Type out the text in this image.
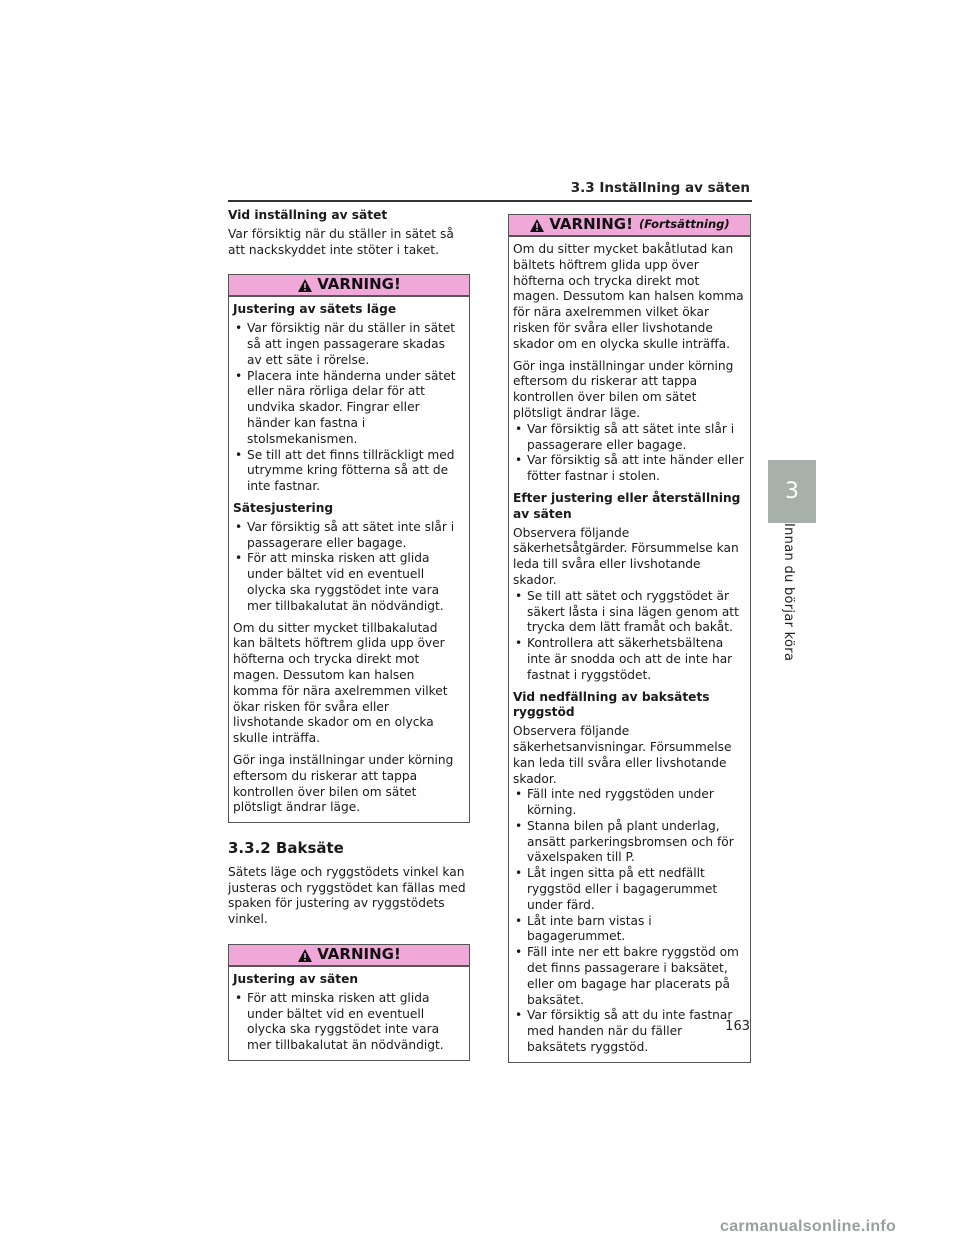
3.3 Inställning av säten
3
Innan du börjar köra

Vid inställning av sätet

Var försiktig när du ställer in sätet så att nackskyddet inte stöter i taket.

VARNING!

Justering av sätets läge

• Var försiktig när du ställer in sätet så att ingen passagerare skadas av ett säte i rörelse.
• Placera inte händerna under sätet eller nära rörliga delar för att undvika skador. Fingrar eller händer kan fastna i stolsmekanismen.
• Se till att det finns tillräckligt med utrymme kring fötterna så att de inte fastnar.

Sätesjustering

• Var försiktig så att sätet inte slår i passagerare eller bagage.
• För att minska risken att glida under bältet vid en eventuell olycka ska ryggstödet inte vara mer tillbakalutat än nödvändigt.

Om du sitter mycket tillbakalutad kan bältets höftrem glida upp över höfterna och trycka direkt mot magen. Dessutom kan halsen komma för nära axelremmen vilket ökar risken för svåra eller livshotande skador om en olycka skulle inträffa.

Gör inga inställningar under körning eftersom du riskerar att tappa kontrollen över bilen om sätet plötsligt ändrar läge.

3.3.2 Baksäte

Sätets läge och ryggstödets vinkel kan justeras och ryggstödet kan fällas med spaken för justering av ryggstödets vinkel.

VARNING!

Justering av säten

• För att minska risken att glida under bältet vid en eventuell olycka ska ryggstödet inte vara mer tillbakalutat än nödvändigt.
VARNING! (Fortsättning)

Om du sitter mycket bakåtlutad kan bältets höftrem glida upp över höfterna och trycka direkt mot magen. Dessutom kan halsen komma för nära axelremmen vilket ökar risken för svåra eller livshotande skador om en olycka skulle inträffa.

Gör inga inställningar under körning eftersom du riskerar att tappa kontrollen över bilen om sätet plötsligt ändrar läge.

• Var försiktig så att sätet inte slår i passagerare eller bagage.
• Var försiktig så att inte händer eller fötter fastnar i stolen.

Efter justering eller återställning av säten

Observera följande säkerhetsåtgärder. Försummelse kan leda till svåra eller livshotande skador.

• Se till att sätet och ryggstödet är säkert låsta i sina lägen genom att trycka dem lätt framåt och bakåt.
• Kontrollera att säkerhetsbältena inte är snodda och att de inte har fastnat i ryggstödet.

Vid nedfällning av baksätets ryggstöd

Observera följande säkerhetsanvisningar. Försummelse kan leda till svåra eller livshotande skador.

• Fäll inte ned ryggstöden under körning.
• Stanna bilen på plant underlag, ansätt parkeringsbromsen och för växelspaken till P.
• Låt ingen sitta på ett nedfällt ryggstöd eller i bagagerummet under färd.
• Låt inte barn vistas i bagagerummet.
• Fäll inte ner ett bakre ryggstöd om det finns passagerare i baksätet, eller om bagage har placerats på baksätet.
• Var försiktig så att du inte fastnar med handen när du fäller baksätets ryggstöd.
163
carmanualsonline.info
